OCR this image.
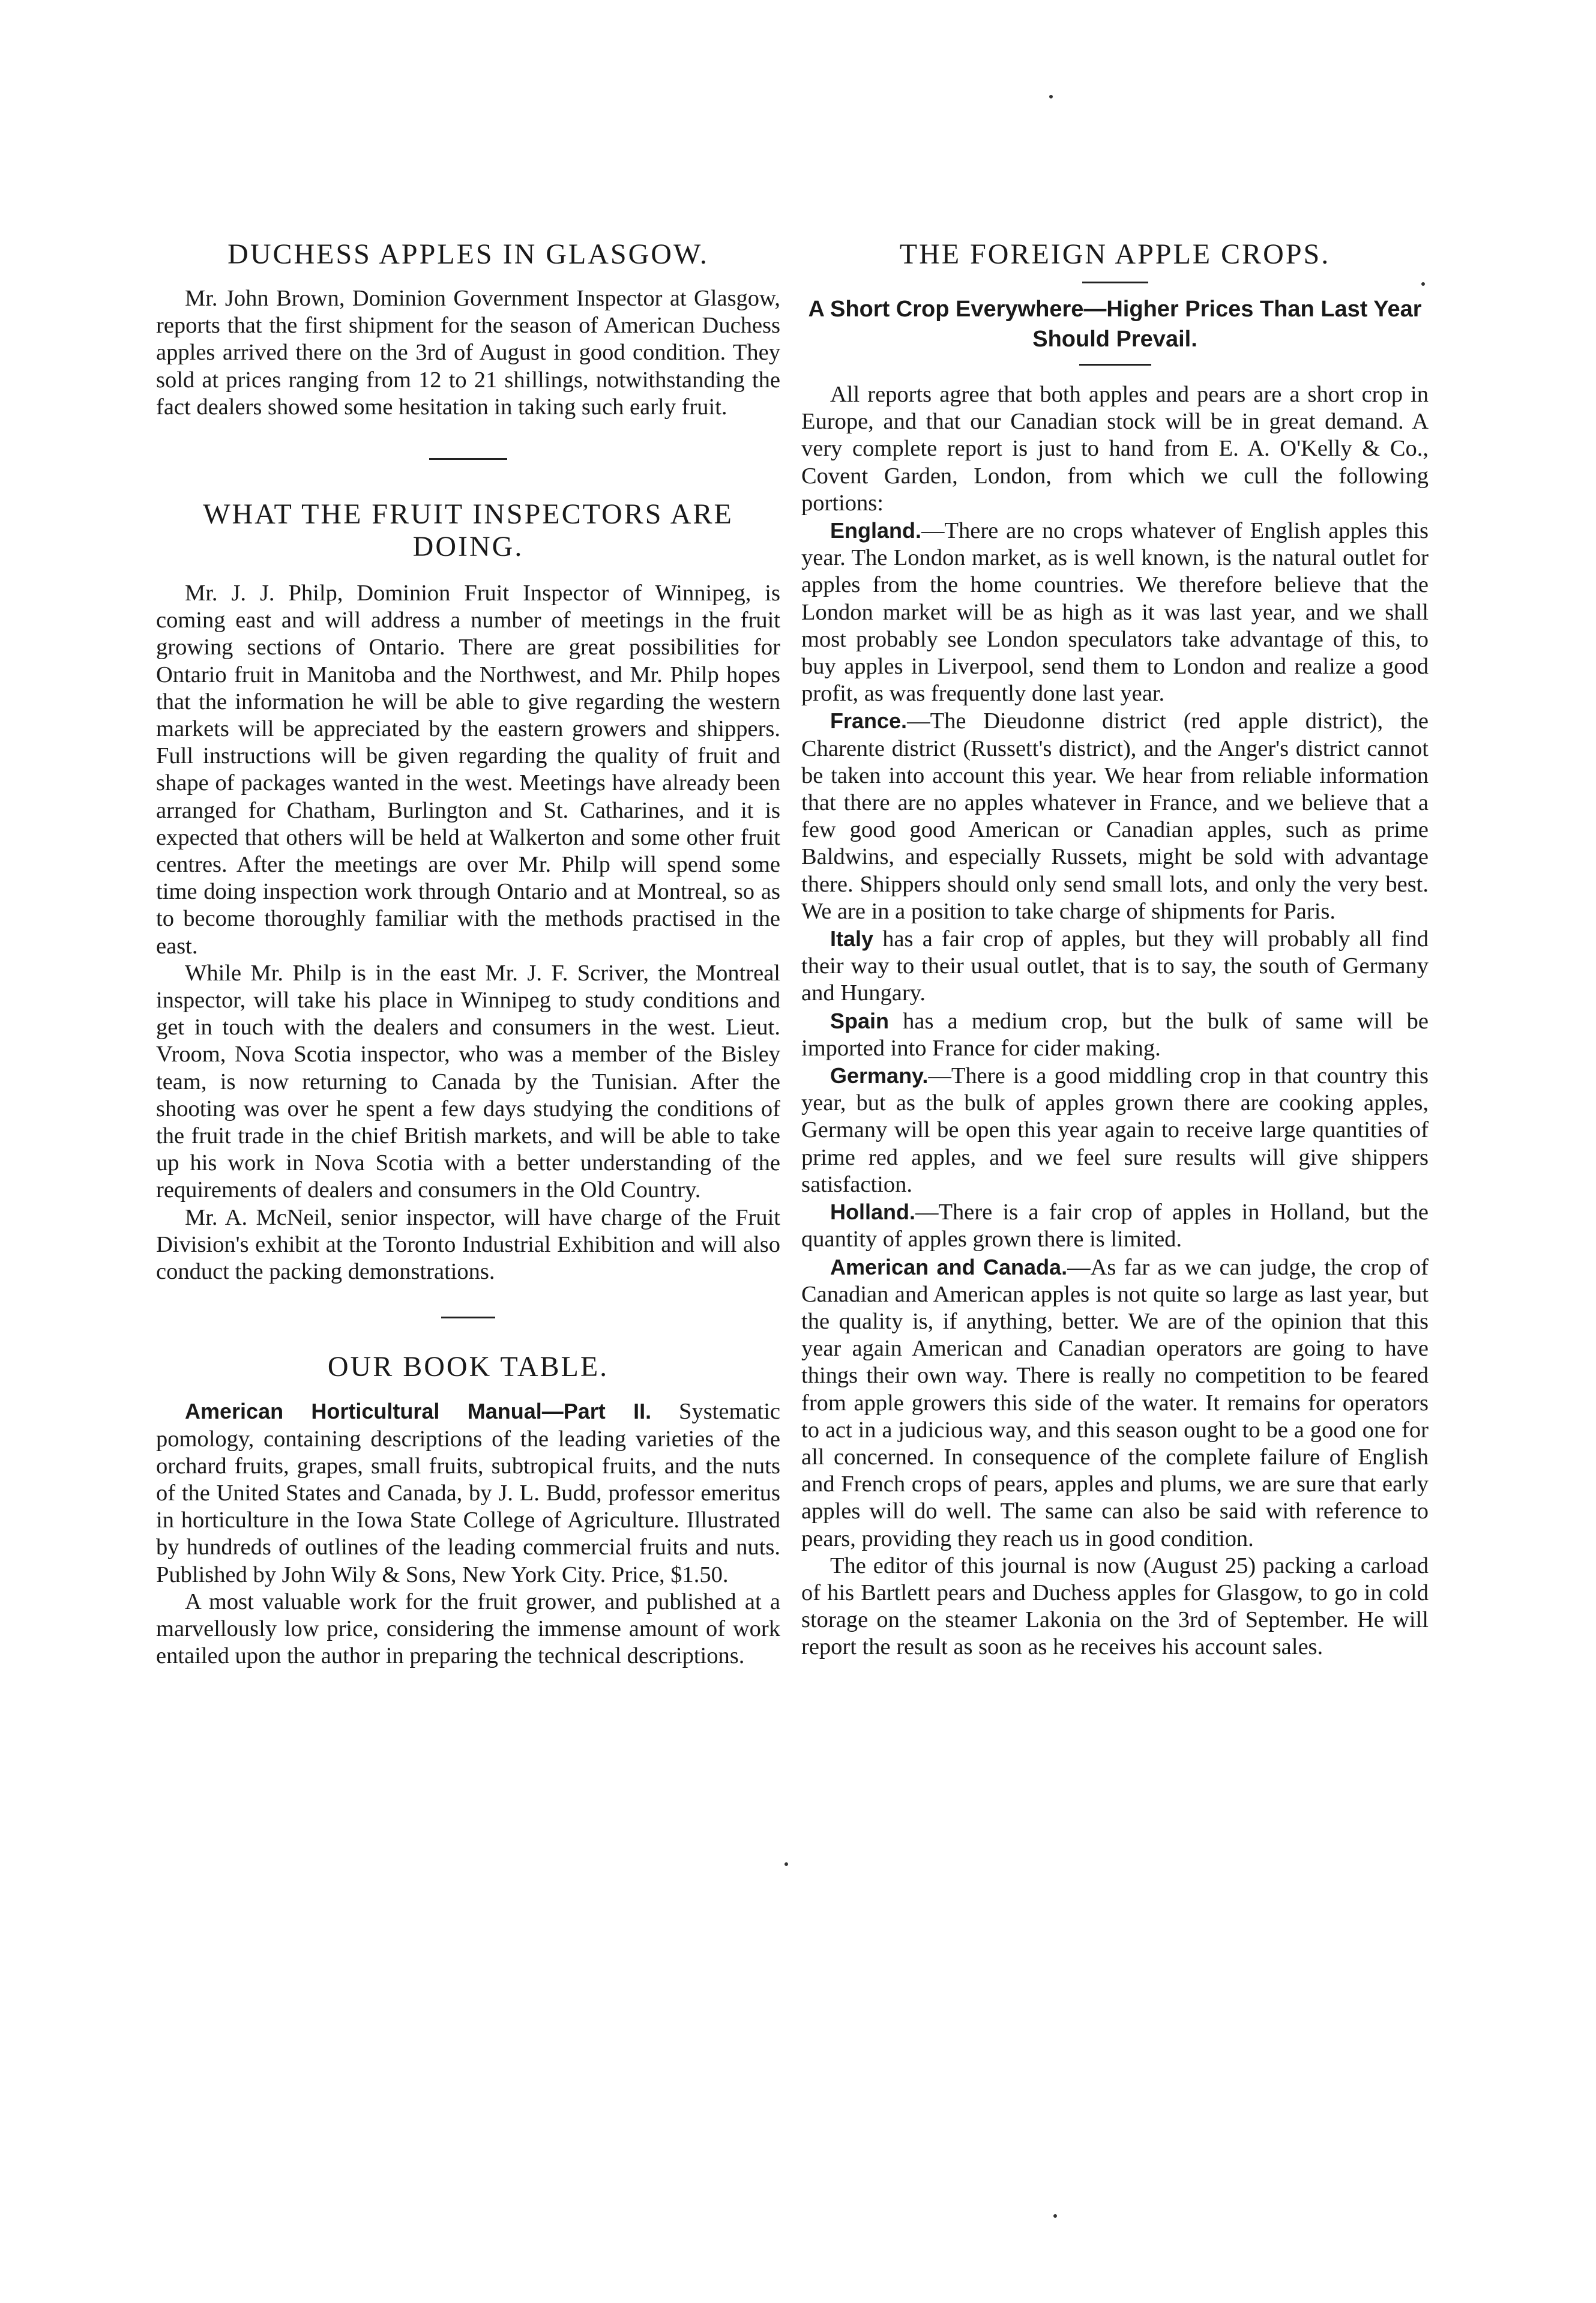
DUCHESS APPLES IN GLASGOW.

Mr. John Brown, Domin⁠ion Government Inspector at Glasgow, reports that the first shipment for the season of American Duchess apples arrived there on the 3rd of August in good condition. They sold at prices ranging from 12 to 21 shillings, notwithstanding the fact dealers showed some hesitation in taking such early fruit.

WHAT THE FRUIT INSPECTORS ARE DOING.

Mr. J. J. Philp, Dominion Fruit Inspector of Winnipeg, is coming east and will address a number of meetings in the fruit growing sections of Ontario. There are great possibilities for Ontario fruit in Manitoba and the Northwest, and Mr. Philp hopes that the information he will be able to give regarding the western markets will be appreciated by the eastern growers and shippers. Full instructions will be given regarding the quality of fruit and shape of packages wanted in the west. Meetings have already been arranged for Chatham, Burlington and St. Catharines, and it is expected that others will be held at Walkerton and some other fruit centres. After the meetings are over Mr. Philp will spend some time doing inspection work through Ontario and at Montreal, so as to become thoroughly familiar with the methods practised in the east.

While Mr. Philp is in the east Mr. J. F. Scriver, the Montreal inspector, will take his place in Winnipeg to study conditions and get in touch with the dealers and consumers in the west. Lieut. Vroom, Nova Scotia inspector, who was a member of the Bisley team, is now returning to Canada by the Tunisian. After the shooting was over he spent a few days studying the conditions of the fruit trade in the chief British markets, and will be able to take up his work in Nova Scotia with a better understanding of the requirements of dealers and consumers in the Old Country.

Mr. A. McNeil, senior inspector, will have charge of the Fruit Division's exhibit at the Toronto Industrial Exhibition and will also conduct the packing demonstrations.

OUR BOOK TABLE.

American Horticultural Manual—Part II. Systematic pomology, containing descriptions of the leading varieties of the orchard fruits, grapes, small fruits, subtropical fruits, and the nuts of the United States and Canada, by J. L. Budd, professor emeritus in horticulture in the Iowa State College of Agriculture. Illustrated by hundreds of outlines of the leading commercial fruits and nuts. Published by John Wily & Sons, New York City. Price, $1.50.

A most valuable work for the fruit grower, and published at a marvellously low price, considering the immense amount of work entailed upon the author in preparing the technical descriptions.

THE FOREIGN APPLE CROPS.

A Short Crop Everywhere—Higher Prices Than Last Year Should Prevail.

All reports agree that both apples and pears are a short crop in Europe, and that our Canadian stock will be in great demand. A very complete report is just to hand from E. A. O'Kelly & Co., Covent Garden, London, from which we cull the following portions:

England.—There are no crops whatever of English apples this year. The London market, as is well known, is the natural outlet for apples from the home countries. We therefore believe that the London market will be as high as it was last year, and we shall most probably see London speculators take advantage of this, to buy apples in Liverpool, send them to London and realize a good profit, as was frequently done last year.

France.—The Dieudonne district (red apple district), the Charente district (Russett's district), and the Anger's district cannot be taken into account this year. We hear from reliable information that there are no apples whatever in France, and we believe that a few good good American or Canadian apples, such as prime Baldwins, and especially Russets, might be sold with advantage there. Shippers should only send small lots, and only the very best. We are in a position to take charge of shipments for Paris.

Italy has a fair crop of apples, but they will probably all find their way to their usual outlet, that is to say, the south of Germany and Hungary.

Spain has a medium crop, but the bulk of same will be imported into France for cider making.

Germany.—There is a good middling crop in that country this year, but as the bulk of apples grown there are cooking apples, Germany will be open this year again to receive large quantities of prime red apples, and we feel sure results will give shippers satisfaction.

Holland.—There is a fair crop of apples in Holland, but the quantity of apples grown there is limited.

American and Canada.—As far as we can judge, the crop of Canadian and American apples is not quite so large as last year, but the quality is, if anything, better. We are of the opinion that this year again American and Canadian operators are going to have things their own way. There is really no competition to be feared from apple growers this side of the water. It remains for operators to act in a judicious way, and this season ought to be a good one for all concerned. In consequence of the complete failure of English and French crops of pears, apples and plums, we are sure that early apples will do well. The same can also be said with reference to pears, providing they reach us in good condition.

The editor of this journal is now (August 25) packing a carload of his Bartlett pears and Duchess apples for Glasgow, to go in cold storage on the steamer Lakonia on the 3rd of September. He will report the result as soon as he receives his account sales.
